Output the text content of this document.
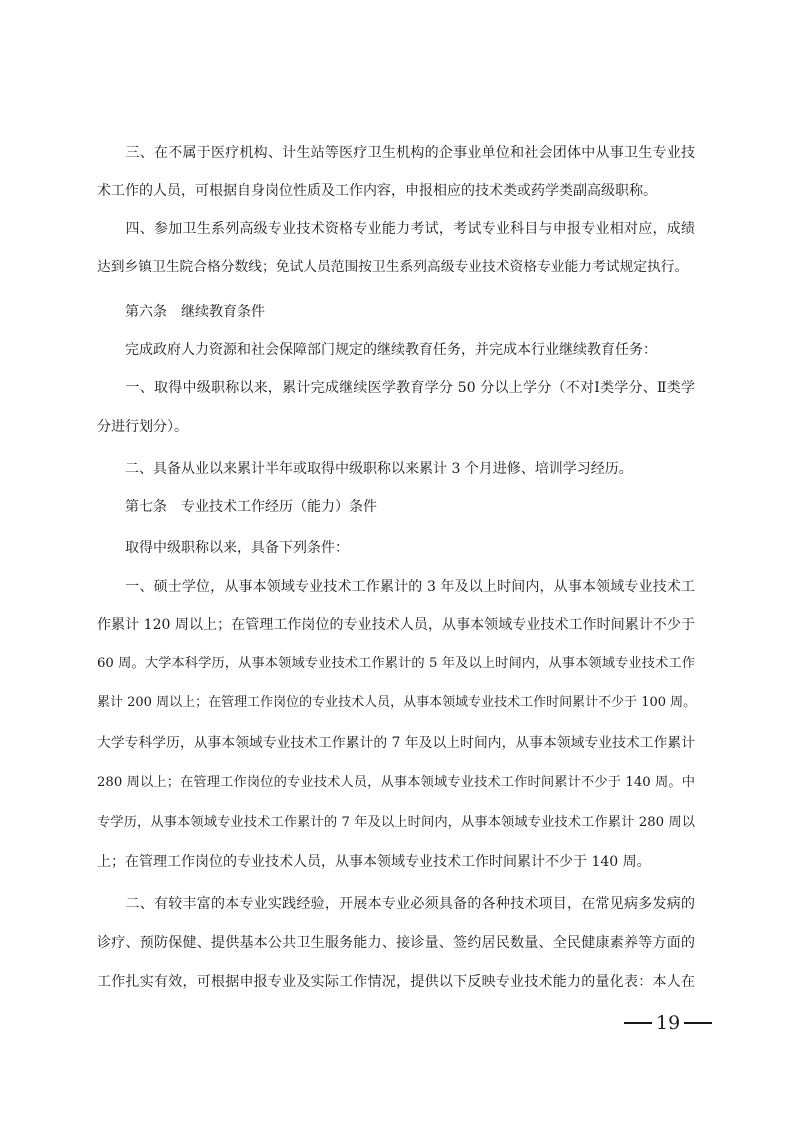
　　三、在不属于医疗机构、计生站等医疗卫生机构的企事业单位和社会团体中从事卫生专业技
术工作的人员，可根据自身岗位性质及工作内容，申报相应的技术类或药学类副高级职称。
　　四、参加卫生系列高级专业技术资格专业能力考试，考试专业科目与申报专业相对应，成绩
达到乡镇卫生院合格分数线；免试人员范围按卫生系列高级专业技术资格专业能力考试规定执行。
　　第六条　继续教育条件
　　完成政府人力资源和社会保障部门规定的继续教育任务，并完成本行业继续教育任务：
　　一、取得中级职称以来，累计完成继续医学教育学分 50 分以上学分（不对Ⅰ类学分、Ⅱ类学
分进行划分）。
　　二、具备从业以来累计半年或取得中级职称以来累计 3 个月进修、培训学习经历。
　　第七条　专业技术工作经历（能力）条件
　　取得中级职称以来，具备下列条件：
　　一、硕士学位，从事本领域专业技术工作累计的 3 年及以上时间内，从事本领域专业技术工
作累计 120 周以上；在管理工作岗位的专业技术人员，从事本领域专业技术工作时间累计不少于
60 周。大学本科学历，从事本领域专业技术工作累计的 5 年及以上时间内，从事本领域专业技术工作
累计 200 周以上；在管理工作岗位的专业技术人员，从事本领域专业技术工作时间累计不少于 100 周。
大学专科学历，从事本领域专业技术工作累计的 7 年及以上时间内，从事本领域专业技术工作累计
280 周以上；在管理工作岗位的专业技术人员，从事本领域专业技术工作时间累计不少于 140 周。中
专学历，从事本领域专业技术工作累计的 7 年及以上时间内，从事本领域专业技术工作累计 280 周以
上；在管理工作岗位的专业技术人员，从事本领域专业技术工作时间累计不少于 140 周。
　　二、有较丰富的本专业实践经验，开展本专业必须具备的各种技术项目，在常见病多发病的
诊疗、预防保健、提供基本公共卫生服务能力、接诊量、签约居民数量、全民健康素养等方面的
工作扎实有效，可根据申报专业及实际工作情况，提供以下反映专业技术能力的量化表：本人在
19
